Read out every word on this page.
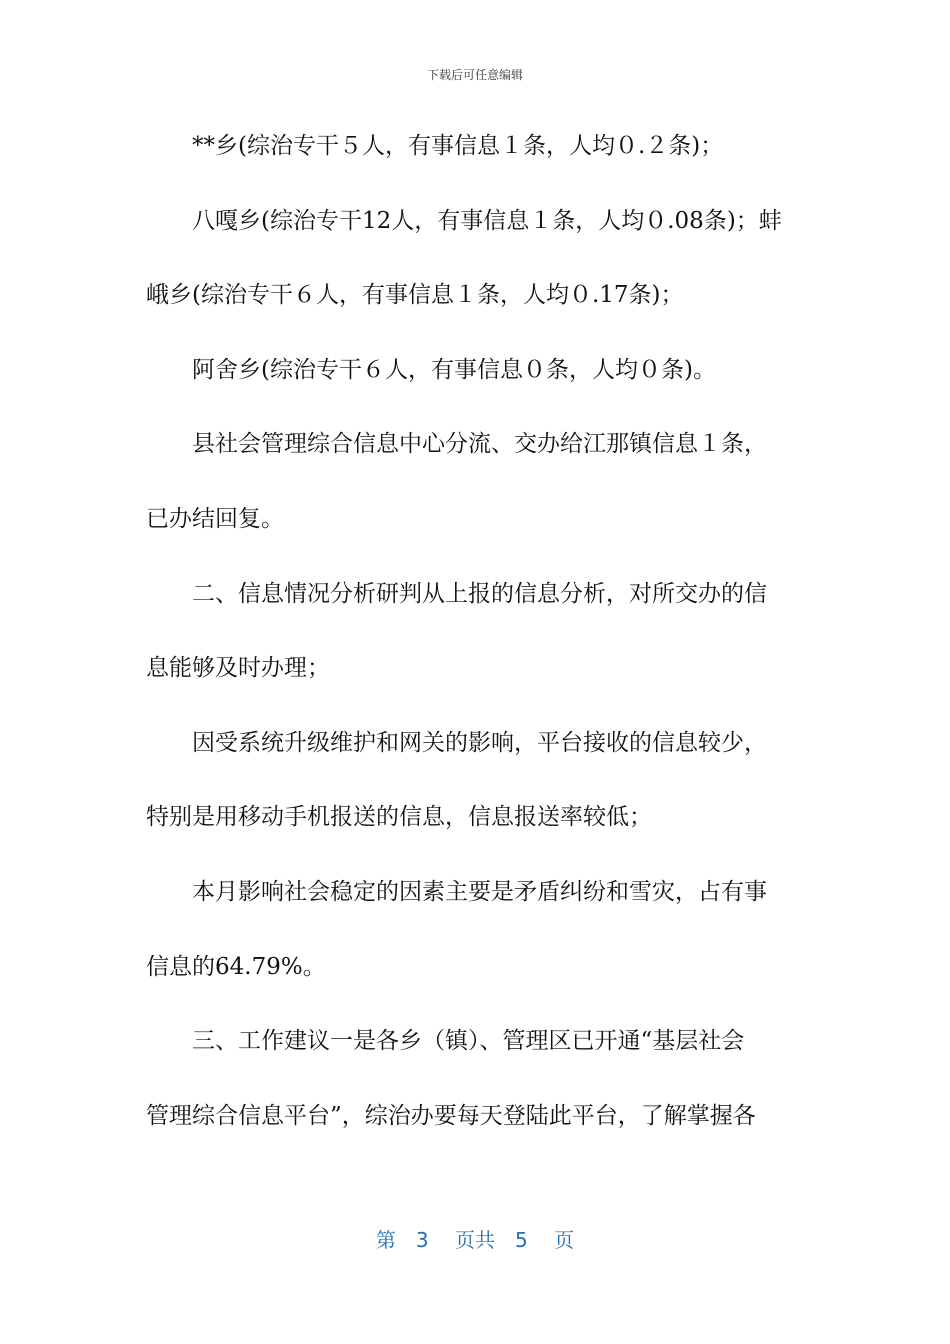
下载后可任意编辑
**乡(综治专干５人，有事信息１条，人均０.２条)；
八嘎乡(综治专干12人，有事信息１条，人均０.08条)；蚌
峨乡(综治专干６人，有事信息１条，人均０.17条)；
阿舍乡(综治专干６人，有事信息０条，人均０条)。
县社会管理综合信息中心分流、交办给江那镇信息１条，
已办结回复。
二、信息情况分析研判从上报的信息分析，对所交办的信
息能够及时办理；
因受系统升级维护和网关的影响，平台接收的信息较少，
特别是用移动手机报送的信息，信息报送率较低；
本月影响社会稳定的因素主要是矛盾纠纷和雪灾，占有事
信息的64.79%。
三、工作建议一是各乡（镇）、管理区已开通“基层社会
管理综合信息平台”，综治办要每天登陆此平台，了解掌握各
第　3　 页共　5　 页
